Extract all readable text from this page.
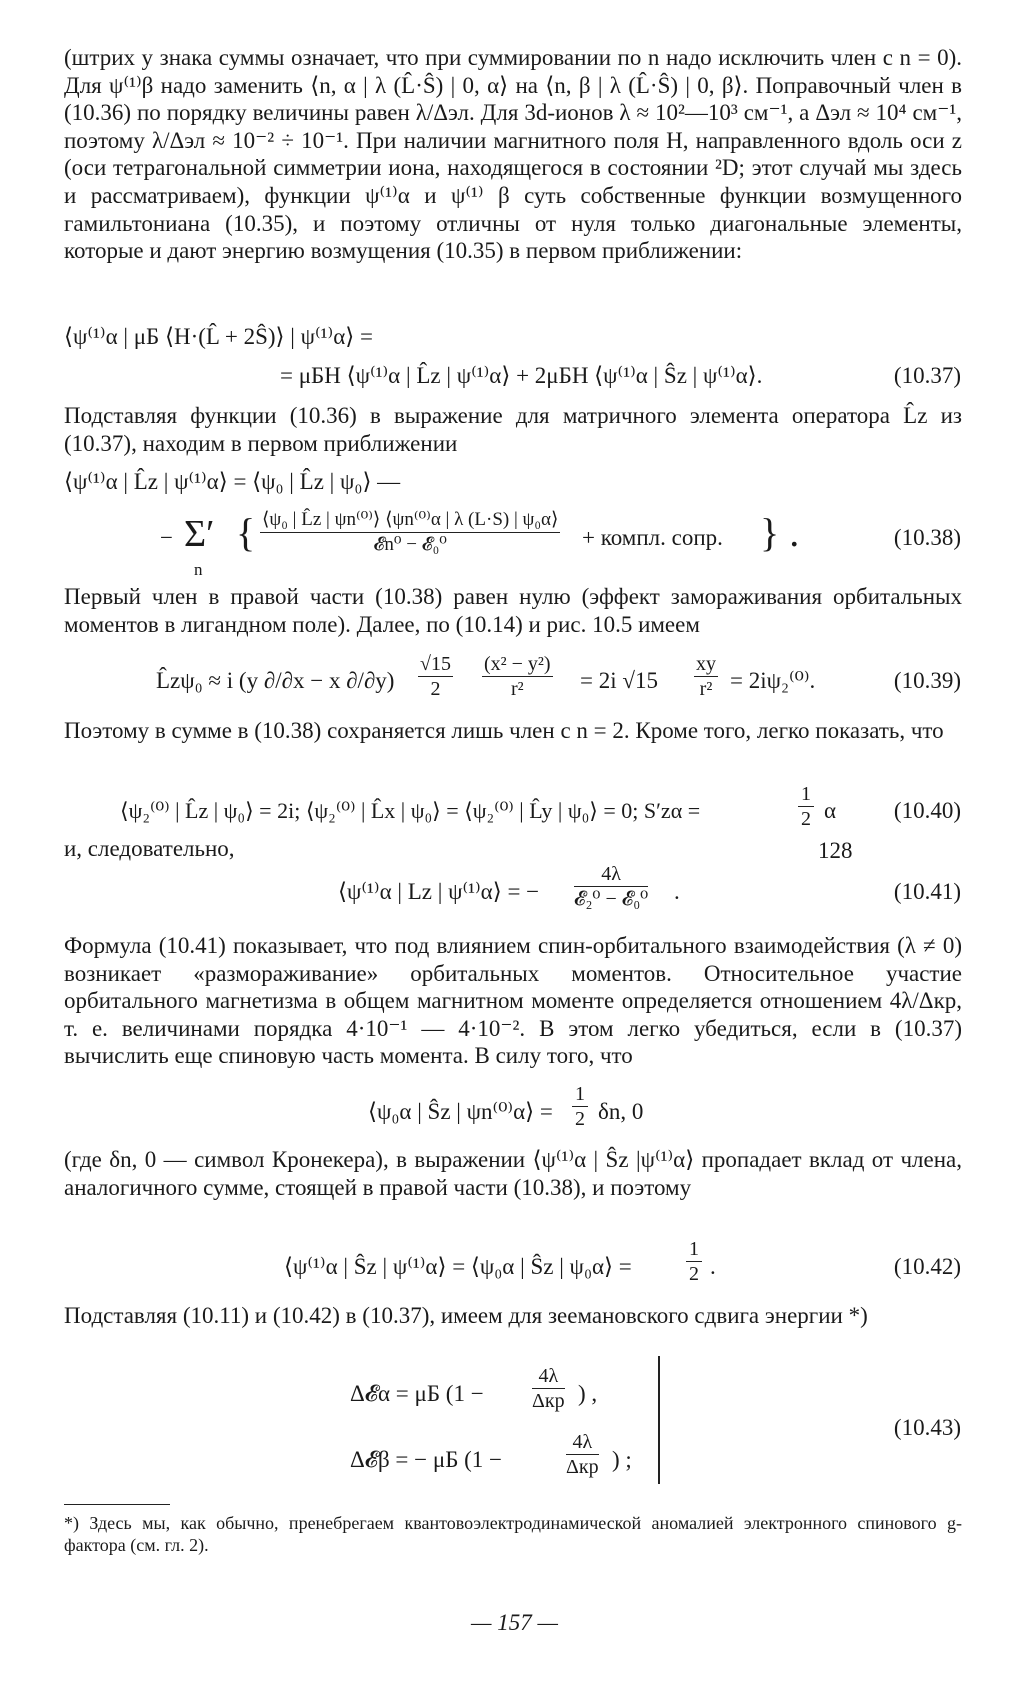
(штрих у знака суммы означает, что при суммировании по n надо исключить член с n = 0). Для ψ⁽¹⁾β надо заменить ⟨n, α | λ (L̂·Ŝ) | 0, α⟩ на ⟨n, β | λ (L̂·Ŝ) | 0, β⟩. Поправочный член в (10.36) по порядку величины равен λ/Δэл. Для 3d-ионов λ ≈ 10²—10³ см⁻¹, а Δэл ≈ 10⁴ см⁻¹, поэтому λ/Δэл ≈ 10⁻² ÷ 10⁻¹. При наличии магнитного поля H, направленного вдоль оси z (оси тетрагональной симметрии иона, находящегося в состоянии ²D; этот случай мы здесь и рассматриваем), функции ψ⁽¹⁾α и ψ⁽¹⁾ β суть собственные функции возмущенного гамильтониана (10.35), и поэтому отличны от нуля только диагональные элементы, которые и дают энергию возмущения (10.35) в первом приближении:
⟨ψ⁽¹⁾α | μБ ⟨H·(L̂ + 2Ŝ)⟩ | ψ⁽¹⁾α⟩ =
= μБH ⟨ψ⁽¹⁾α | L̂z | ψ⁽¹⁾α⟩ + 2μБH ⟨ψ⁽¹⁾α | Ŝz | ψ⁽¹⁾α⟩.	(10.37)
Подставляя функции (10.36) в выражение для матричного элемента оператора L̂z из (10.37), находим в первом приближении
⟨ψ⁽¹⁾α | L̂z | ψ⁽¹⁾α⟩ = ⟨ψ₀ | L̂z | ψ₀⟩ —
− Σ′
n
{ ⟨ψ₀ | L̂z | ψn⁽⁰⁾⟩ ⟨ψn⁽⁰⁾α | λ (L·S) | ψ₀α⟩
𝓔n⁰ − 𝓔₀⁰	+ компл. сопр. } .	(10.38)
Первый член в правой части (10.38) равен нулю (эффект замораживания орбитальных моментов в лигандном поле). Далее, по (10.14) и рис. 10.5 имеем
L̂zψ₀ ≈ i (y ∂/∂x − x $\partial/\partial y) \frac{√15}{2} \frac{\text{(x² − y²)}}{\text{r²}} = 2i$ $√15 \frac{xy}{\text{r²}} = 2i\psi_2^{(0)}$.	(10.39)
Поэтому в сумме в (10.38) сохраняется лишь член с n = 2. Кроме того, легко показать, что
⟨ψ₂⁽⁰⁾ | L̂z | ψ₀⟩ = 2i; ⟨ψ₂⁽⁰⁾ | L̂x | ψ₀⟩ = ⟨ψ₂⁽⁰⁾ | L̂y | ψ₀⟩ = 0; S′zα =	$\frac{1}{2}$ α	(10.40)
и, следовательно,	128
⟨ψ⁽¹⁾α | Lz | ψ⁽¹⁾α⟩ = −
4λ
𝓔₂⁰ − 𝓔₀⁰ .	(10.41)
Формула (10.41) показывает, что под влиянием спин-орбитального взаимодействия (λ ≠ 0) возникает «размораживание» орбитальных моментов. Относительное участие орбитального магнетизма в общем магнитном моменте определяется отношением 4λ/Δкр, т. е. величинами порядка 4·10⁻¹ — 4·10⁻². В этом легко убедиться, если в (10.37) вычислить еще спиновую часть момента. В силу того, что
⟨ψ₀α | Ŝz | ψn⁽⁰⁾α⟩ = $\frac{1}{2} \delta n$, 0
(где δn, 0 — символ Кронекера), в выражении ⟨ψ⁽¹⁾α | Ŝz |ψ⁽¹⁾α⟩ пропадает вклад от члена, аналогичного сумме, стоящей в правой части (10.38), и поэтому
⟨ψ⁽¹⁾α | Ŝz | ψ⁽¹⁾α⟩ = ⟨ψ₀α | Ŝz | ψ₀α⟩ =	$\frac{1}{2}$ .	(10.42)
Подставляя (10.11) и (10.42) в (10.37), имеем для зеемановского сдвига энергии *)
Δ𝓔α = μБ (1 −
4λ
Δкр ) ,
Δ𝓔β = − μБ (1 −
4λ
Δкр ) ;
(10.43)
*) Здесь мы, как обычно, пренебрегаем квантовоэлектродинамической аномалией электронного спинового g-фактора (см. гл. 2).
— 157 —
